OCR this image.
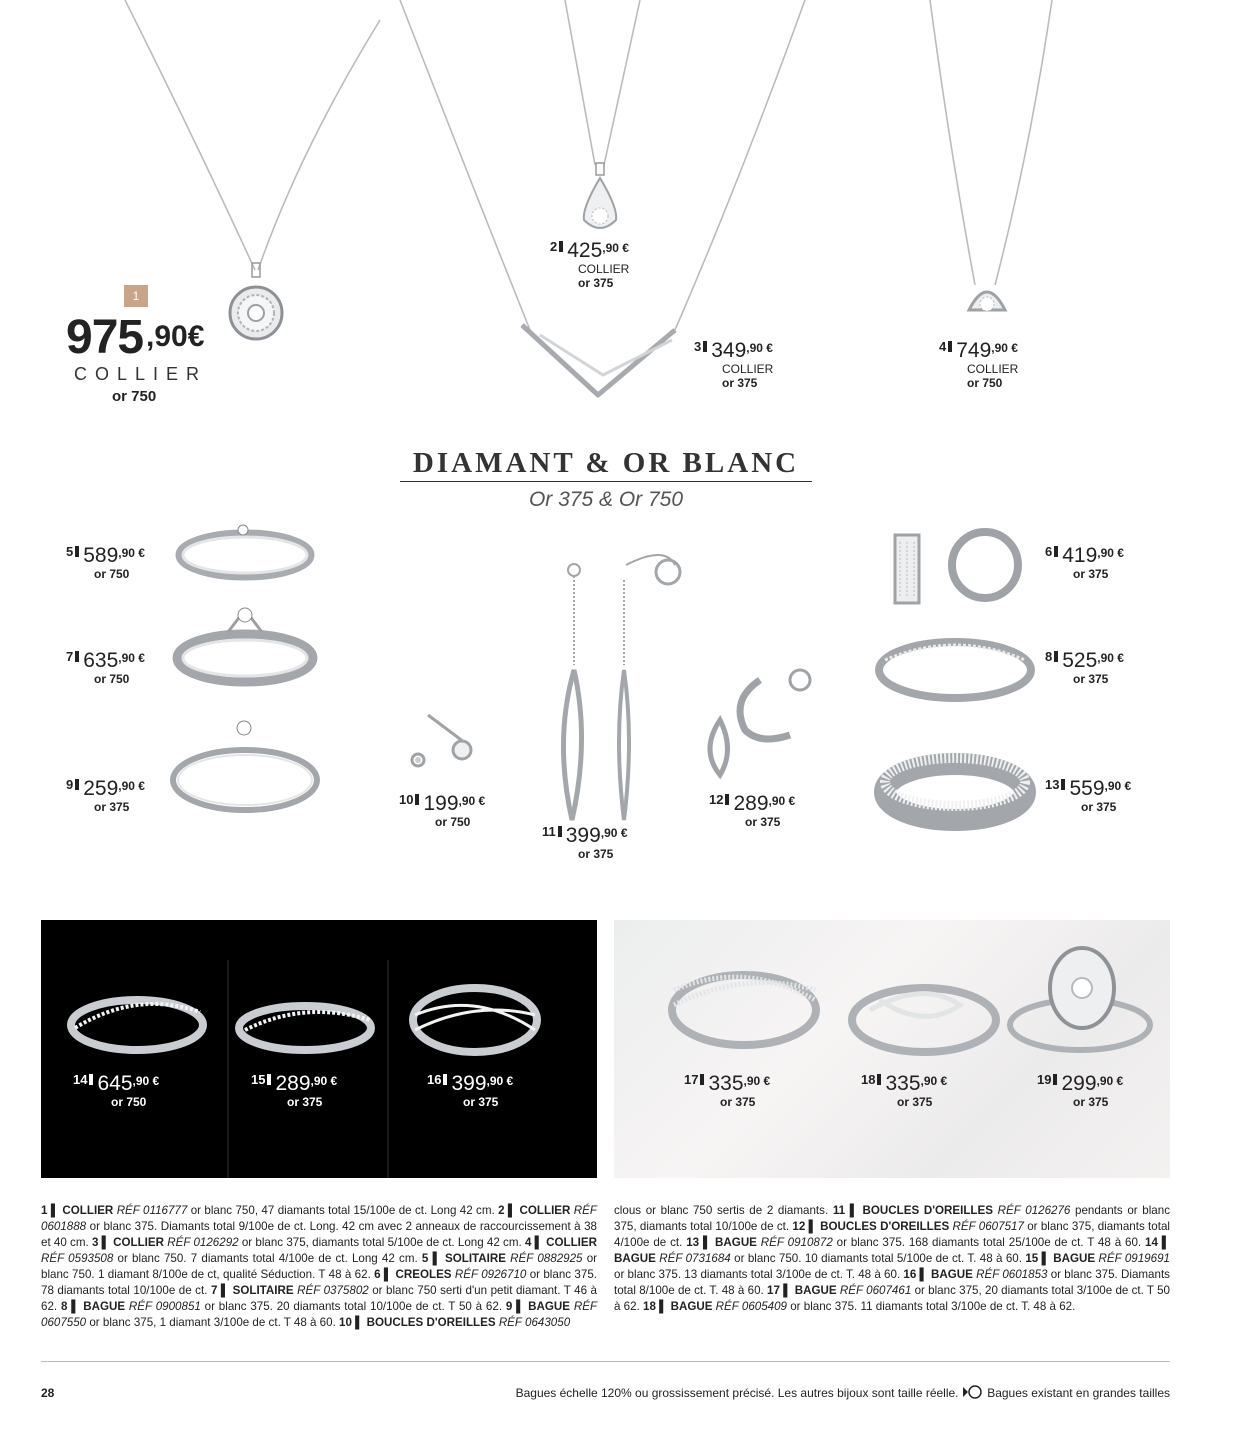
1
975 ,90€
COLLIER
or 750
$^2$ $425^{,90 €}$
COLLIER
or 375
$^3$ $349^{,90 €}$
COLLIER
or 375
$^4$ $749^{,90 €}$
COLLIER
or 750
DIAMANT & OR BLANC
Or 375 & Or 750
$^5$ $589^{,90 €}$
or 750
$^7$ $635^{,90 €}$
or 750
$^9$ $259^{,90 €}$
or 375	$^{10}$ $199^{,90 €}$
or 750
$^{11}$ $399^{,90 €}$
or 375
$^{12}$ $289^{,90 €}$
or 375
$^6$ $419^{,90 €}$
or 375
$^8$ $525^{,90 €}$
or 375
$^{13}$ $559^{,90 €}$
or 375
$^{14}$ $645^{,90 €}$
or 750
$^{15}$ $289^{,90 €}$
or 375
$^{16}$ $399^{,90 €}$
or 375
$^{17}$ $335^{,90 €}$
or 375
$^{18}$ $335^{,90 €}$
or 375
$^{19}$ $299^{,90 €}$
or 375
1 ▌ COLLIER RÉF 0116777 or blanc 750, 47 diamants total 15/100e de ct. Long 42 cm. 2 ▌ COLLIER RÉF 0601888 or blanc 375. Diamants total 9/100e de ct. Long. 42 cm avec 2 anneaux de raccourcissement à 38 et 40 cm. 3 ▌ COLLIER RÉF 0126292 or blanc 375, diamants total 5/100e de ct. Long 42 cm. 4 ▌ COLLIER RÉF 0593508 or blanc 750. 7 diamants total 4/100e de ct. Long 42 cm. 5 ▌ SOLITAIRE RÉF 0882925 or blanc 750. 1 diamant 8/100e de ct, qualité Séduction. T 48 à 62. 6 ▌ CREOLES RÉF 0926710 or blanc 375. 78 diamants total 10/100e de ct. 7 ▌ SOLITAIRE RÉF 0375802 or blanc 750 serti d'un petit diamant. T 46 à 62. 8 ▌ BAGUE RÉF 0900851 or blanc 375. 20 diamants total 10/100e de ct. T 50 à 62. 9 ▌ BAGUE RÉF 0607550 or blanc 375, 1 diamant 3/100e de ct. T 48 à 60. 10 ▌ BOUCLES D'OREILLES RÉF 0643050
clous or blanc 750 sertis de 2 diamants. 11 ▌ BOUCLES D'OREILLES RÉF 0126276 pendants or blanc 375, diamants total 10/100e de ct. 12 ▌ BOUCLES D'OREILLES RÉF 0607517 or blanc 375, diamants total 4/100e de ct. 13 ▌ BAGUE RÉF 0910872 or blanc 375. 168 diamants total 25/100e de ct. T 48 à 60. 14 ▌ BAGUE RÉF 0731684 or blanc 750. 10 diamants total 5/100e de ct. T. 48 à 60. 15 ▌ BAGUE RÉF 0919691 or blanc 375. 13 diamants total 3/100e de ct. T. 48 à 60. 16 ▌ BAGUE RÉF 0601853 or blanc 375. Diamants total 8/100e de ct. T. 48 à 60. 17 ▌ BAGUE RÉF 0607461 or blanc 375, 20 diamants total 3/100e de ct. T 50 à 62. 18 ▌ BAGUE RÉF 0605409 or blanc 375. 11 diamants total 3/100e de ct. T. 48 à 62.
28	Bagues échelle 120% ou grossissement précisé. Les autres bijoux sont taille réelle. Bagues existant en grandes tailles
